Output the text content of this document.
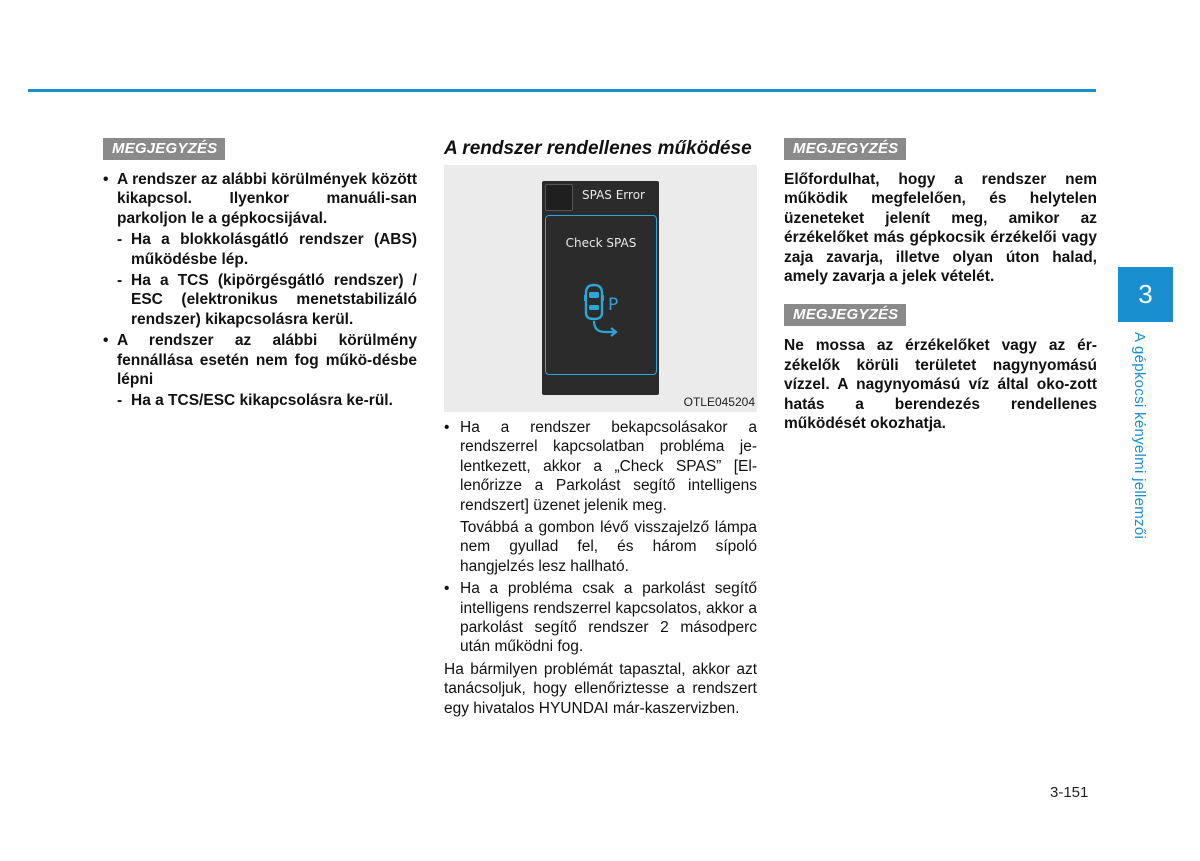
MEGJEGYZÉS
• A rendszer az alábbi körülmények között kikapcsol. Ilyenkor manuáli-san parkoljon le a gépkocsijával.
- Ha a blokkolásgátló rendszer (ABS) működésbe lép.
- Ha a TCS (kipörgésgátló rendszer) / ESC (elektronikus menetstabilizáló rendszer) kikapcsolásra kerül.
• A rendszer az alábbi körülmény fennállása esetén nem fog műkö-désbe lépni
- Ha a TCS/ESC kikapcsolásra ke-rül.
A rendszer rendellenes működése
SPAS Error
Check SPAS
P
OTLE045204
• Ha a rendszer bekapcsolásakor a rendszerrel kapcsolatban probléma je-lentkezett, akkor a „Check SPAS” [El-lenőrizze a Parkolást segítő intelligens rendszert] üzenet jelenik meg.
Továbbá a gombon lévő visszajelző lámpa nem gyullad fel, és három sípoló hangjelzés lesz hallható.
• Ha a probléma csak a parkolást segítő intelligens rendszerrel kapcsolatos, akkor a parkolást segítő rendszer 2 másodperc után működni fog.
Ha bármilyen problémát tapasztal, akkor azt tanácsoljuk, hogy ellenőriztesse a rendszert egy hivatalos HYUNDAI már-kaszervizben.
MEGJEGYZÉS
Előfordulhat, hogy a rendszer nem működik megfelelően, és helytelen üzeneteket jelenít meg, amikor az érzékelőket más gépkocsik érzékelői vagy zaja zavarja, illetve olyan úton halad, amely zavarja a jelek vételét.
MEGJEGYZÉS
Ne mossa az érzékelőket vagy az ér-zékelők körüli területet nagynyomású vízzel. A nagynyomású víz által oko-zott hatás a berendezés rendellenes működését okozhatja.
3
A gépkocsi kényelmi jellemzői
3-151
